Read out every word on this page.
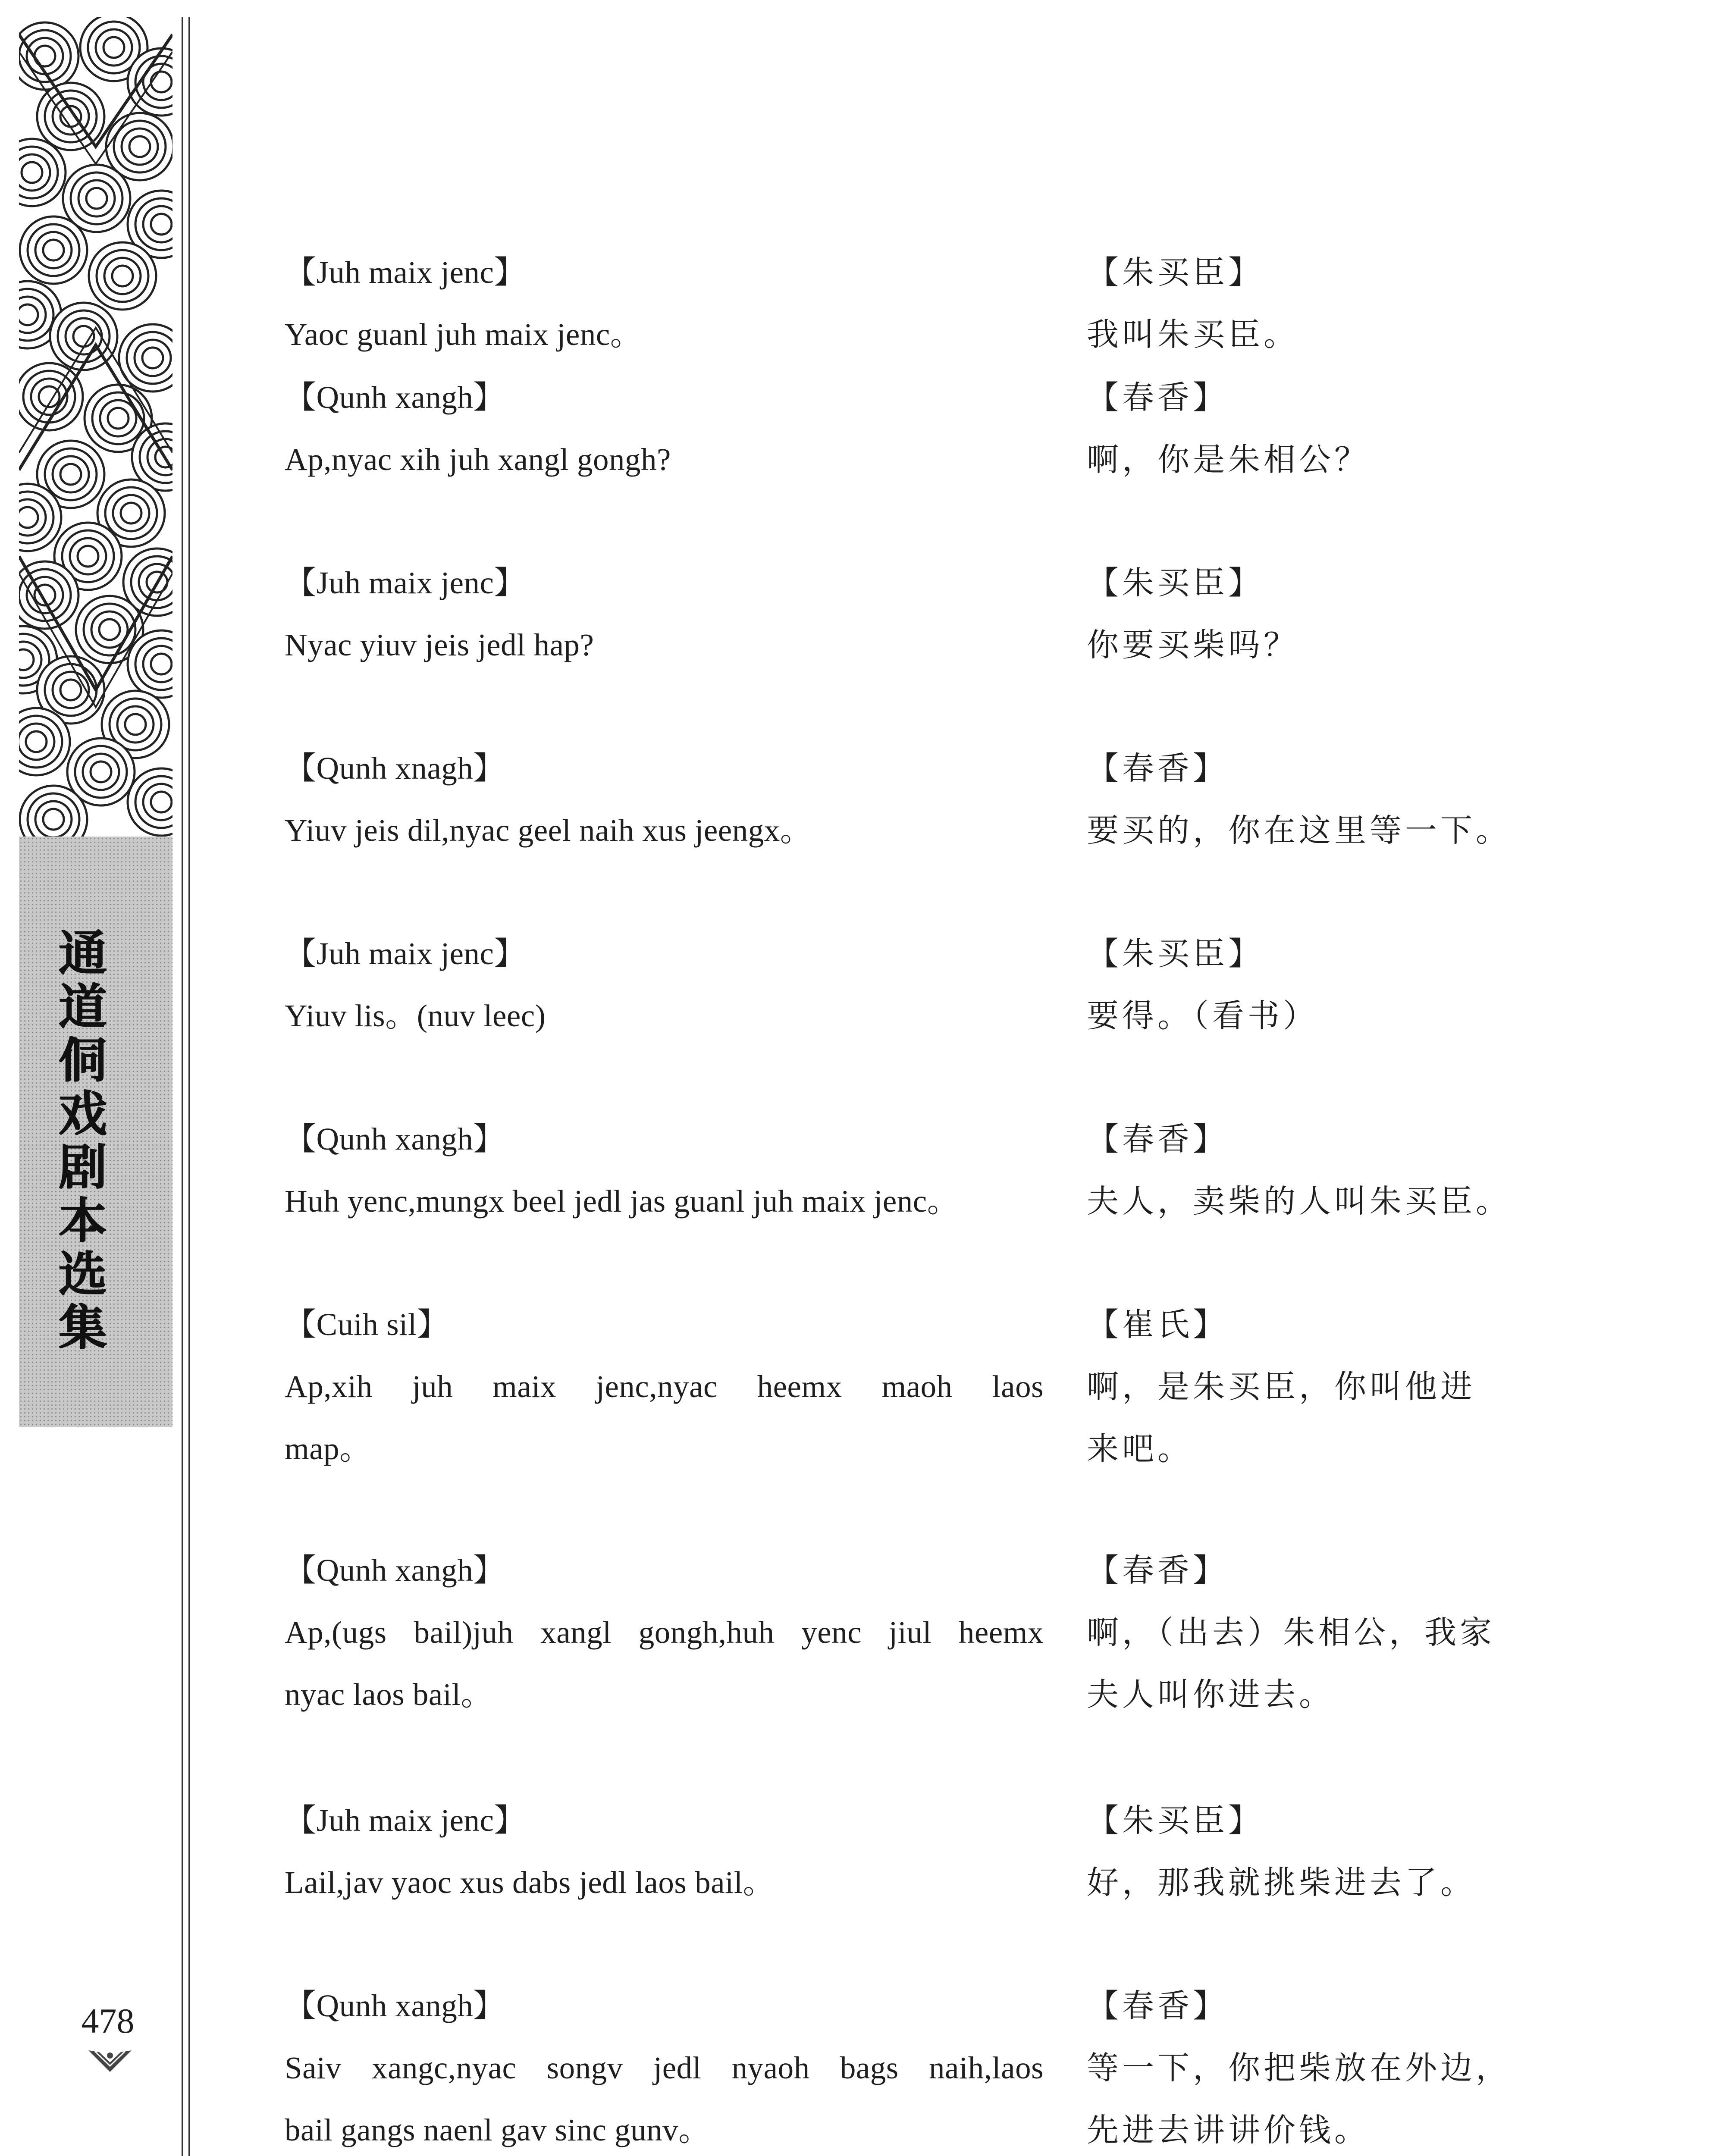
通
道
侗
戏
剧
本
选
集
478
【Juh maix jenc】
Yaoc guanl juh maix jenc。
【朱买臣】
我叫朱买臣。
【Qunh xangh】
Ap,nyac xih juh xangl gongh?
【春香】
啊，你是朱相公？
【Juh maix jenc】
Nyac yiuv jeis jedl hap?
【朱买臣】
你要买柴吗？
【Qunh xnagh】
Yiuv jeis dil,nyac geel naih xus jeengx。
【春香】
要买的，你在这里等一下。
【Juh maix jenc】
Yiuv lis。(nuv leec)
【朱买臣】
要得。（看书）
【Qunh xangh】
Huh yenc,mungx beel jedl jas guanl juh maix jenc。
【春香】
夫人，卖柴的人叫朱买臣。
【Cuih sil】
Ap,xih juh maix jenc,nyac heemx maoh laos
map。
【崔氏】
啊，是朱买臣，你叫他进
来吧。
【Qunh xangh】
Ap,(ugs bail)juh xangl gongh,huh yenc jiul heemx
nyac laos bail。
【春香】
啊，（出去）朱相公，我家
夫人叫你进去。
【Juh maix jenc】
Lail,jav yaoc xus dabs jedl laos bail。
【朱买臣】
好，那我就挑柴进去了。
【Qunh xangh】
Saiv xangc,nyac songv jedl nyaoh bags naih,laos
bail gangs naenl gav sinc gunv。
【春香】
等一下，你把柴放在外边，
先进去讲讲价钱。
